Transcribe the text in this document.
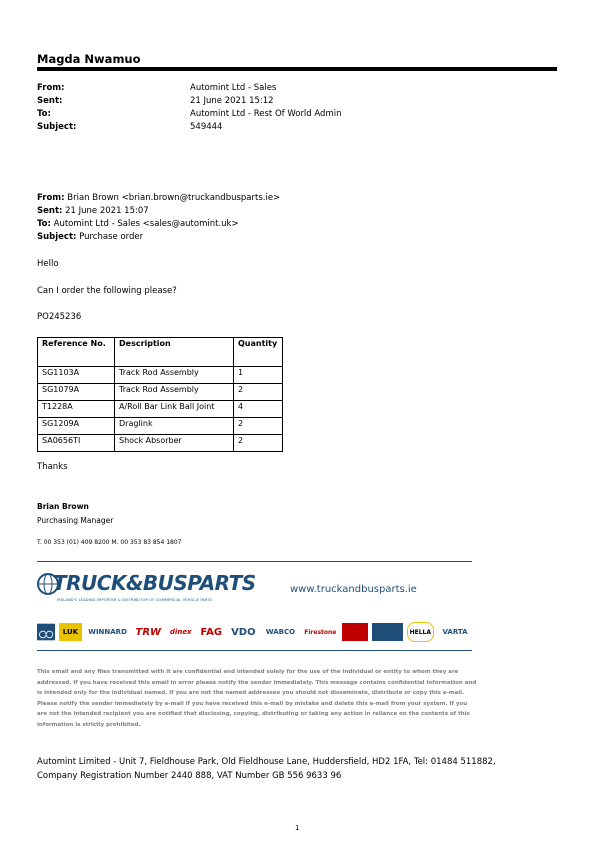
Magda Nwamuo
From:	Automint Ltd - Sales
Sent:	21 June 2021 15:12
To:	Automint Ltd - Rest Of World Admin
Subject:	549444
From: Brian Brown <brian.brown@truckandbusparts.ie>
Sent: 21 June 2021 15:07
To: Automint Ltd - Sales <sales@automint.uk>
Subject: Purchase order
Hello
Can I order the following please?
PO245236
Reference No.	Description	Quantity
SG1103A	Track Rod Assembly	1
SG1079A	Track Rod Assembly	2
T1228A	A/Roll Bar Link Ball Joint	4
SG1209A	Draglink	2
SA0656TI	Shock Absorber	2
Thanks
Brian Brown
Purchasing Manager
T. 00 353 (01) 409 8200 M. 00 353 83 854 1807
TRUCK&BUSPARTS
IRELAND'S LEADING IMPORTER & DISTRIBUTOR OF COMMERCIAL VEHICLE PARTS
www.truckandbusparts.ie
LUK	WINNARD TRW	dinex FAG VDO	WABCO	Firestone	HELLA	VARTA
This email and any files transmitted with it are confidential and intended solely for the use of the individual or entity to whom they are addressed. If you have received this email in error please notify the sender immediately. This message contains confidential information and is intended only for the individual named. If you are not the named addressee you should not disseminate, distribute or copy this e-mail. Please notify the sender immediately by e-mail if you have received this e-mail by mistake and delete this e-mail from your system. If you are not the intended recipient you are notified that disclosing, copying, distributing or taking any action in reliance on the contents of this information is strictly prohibited.
Automint Limited - Unit 7, Fieldhouse Park, Old Fieldhouse Lane, Huddersfield, HD2 1FA, Tel: 01484 511882,
Company Registration Number 2440 888, VAT Number GB 556 9633 96
1
